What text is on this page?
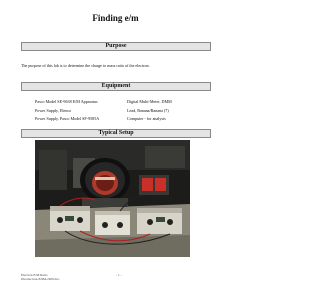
Finding e/m
Purpose
The purpose of this lab is to determine the charge to mass ratio of the electron.
Equipment
Pasco Model SE-9638 E/M Apparatus
Power Supply, Elenco
Power Supply, Pasco Model SF-9585A
Digital Multi-Meter, DMM
Lead, Banana/Banana (7)
Computer - for analysis
Typical Setup
Electron E/M Ratio
file:electron-EOM-ch09.doc
- 1 -
